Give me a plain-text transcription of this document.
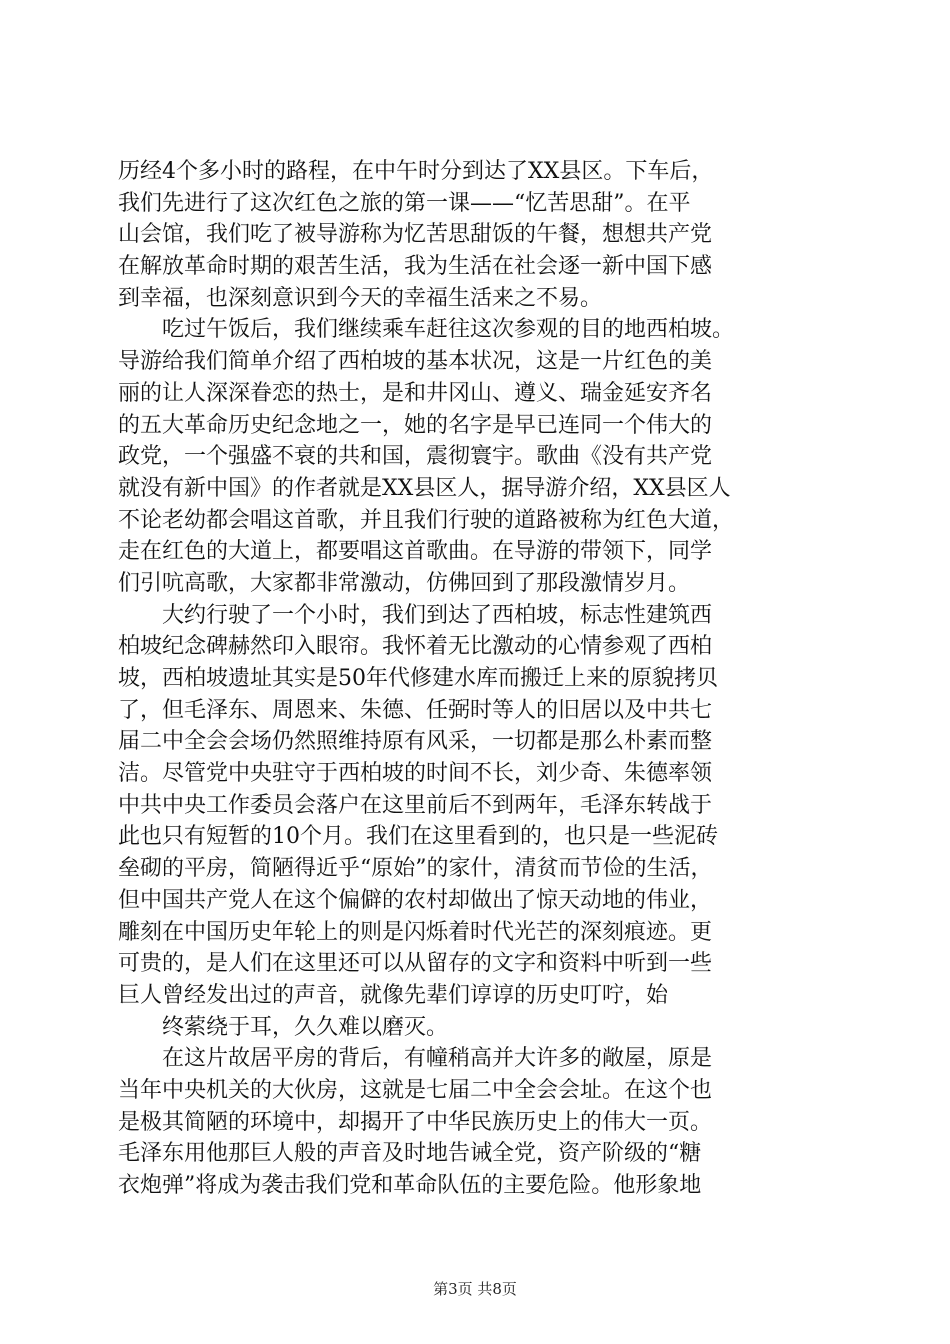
历经4个多小时的路程，在中午时分到达了XX县区。下车后，
我们先进行了这次红色之旅的第一课——“忆苦思甜”。在平
山会馆，我们吃了被导游称为忆苦思甜饭的午餐，想想共产党
在解放革命时期的艰苦生活，我为生活在社会逐一新中国下感
到幸福，也深刻意识到今天的幸福生活来之不易。
　　吃过午饭后，我们继续乘车赶往这次参观的目的地西柏坡。
导游给我们简单介绍了西柏坡的基本状况，这是一片红色的美
丽的让人深深眷恋的热士，是和井冈山、遵义、瑞金延安齐名
的五大革命历史纪念地之一，她的名字是早已连同一个伟大的
政党，一个强盛不衰的共和国，震彻寰宇。歌曲《没有共产党
就没有新中国》的作者就是XX县区人，据导游介绍，XX县区人
不论老幼都会唱这首歌，并且我们行驶的道路被称为红色大道，
走在红色的大道上，都要唱这首歌曲。在导游的带领下，同学
们引吭高歌，大家都非常激动，仿佛回到了那段激情岁月。
　　大约行驶了一个小时，我们到达了西柏坡，标志性建筑西
柏坡纪念碑赫然印入眼帘。我怀着无比激动的心情参观了西柏
坡，西柏坡遗址其实是50年代修建水库而搬迁上来的原貌拷贝
了，但毛泽东、周恩来、朱德、任弼时等人的旧居以及中共七
届二中全会会场仍然照维持原有风采，一切都是那么朴素而整
洁。尽管党中央驻守于西柏坡的时间不长，刘少奇、朱德率领
中共中央工作委员会落户在这里前后不到两年，毛泽东转战于
此也只有短暂的10个月。我们在这里看到的，也只是一些泥砖
垒砌的平房，简陋得近乎“原始”的家什，清贫而节俭的生活，
但中国共产党人在这个偏僻的农村却做出了惊天动地的伟业，
雕刻在中国历史年轮上的则是闪烁着时代光芒的深刻痕迹。更
可贵的，是人们在这里还可以从留存的文字和资料中听到一些
巨人曾经发出过的声音，就像先辈们谆谆的历史叮咛，始
　　终萦绕于耳，久久难以磨灭。
　　在这片故居平房的背后，有幢稍高并大许多的敞屋，原是
当年中央机关的大伙房，这就是七届二中全会会址。在这个也
是极其简陋的环境中，却揭开了中华民族历史上的伟大一页。
毛泽东用他那巨人般的声音及时地告诫全党，资产阶级的“糖
衣炮弹”将成为袭击我们党和革命队伍的主要危险。他形象地
第3页 共8页
